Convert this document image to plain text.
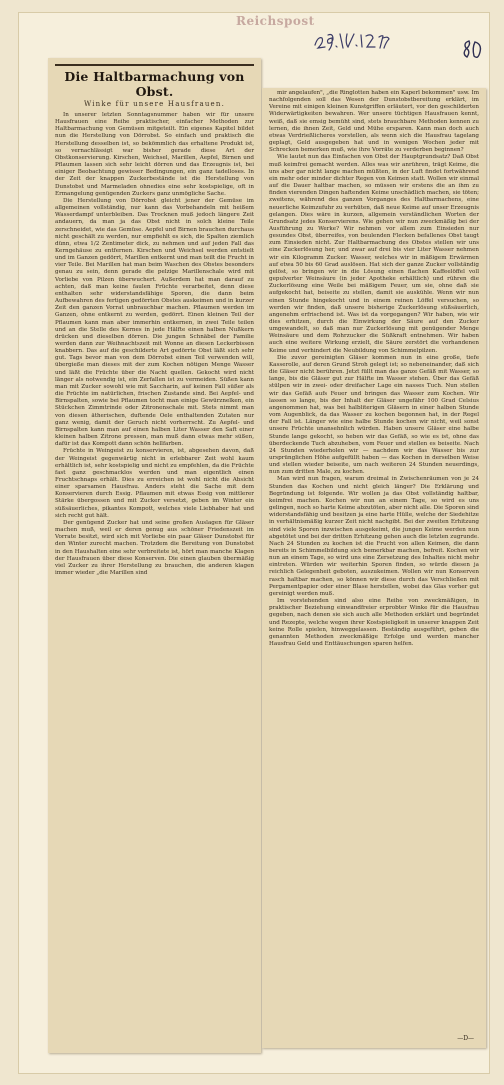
Reichspost
Die Haltbarmachung von Obst.
Winke für unsere Hausfrauen.

In unserer letzten Sonntagsnummer haben wir für unsere Hausfrauen eine Reihe praktischer, einfacher Methoden zur Haltbarmachung von Gemüsen mitgeteilt. Ein eigenes Kapitel bildet nun die Herstellung von Dörrobst. So einfach und praktisch die Herstellung desselben ist, so bekömmlich das erhaltene Produkt ist, so vernachlässigt war bisher gerade diese Art der Obstkonservierung. Kirschen, Weichsel, Marillen, Aepfel, Birnen und Pflaumen lassen sich sehr leicht dörren und das Erzeugnis ist, bei einiger Beobachtung gewisser Bedingungen, ein ganz tadelloses. In der Zeit der knappen Zuckerbestände ist die Herstellung von Dunstobst und Marmeladen ohnedies eine sehr kostspielige, oft in Ermangelung genügenden Zuckers ganz unmögliche Sache.

Die Herstellung von Dörrobst gleicht jener der Gemüse im allgemeinen vollständig, nur kann das Vorbehandeln mit heißem Wasserdampf unterbleiben. Das Trocknen muß jedoch längere Zeit andauern, da man ja das Obst nicht in solch kleine Teile zerschneidet, wie das Gemüse. Aepfel und Birnen brauchen durchaus nicht geschält zu werden, nur empfiehlt es sich, die Spalten ziemlich dünn, etwa 1/2 Zentimeter dick, zu nehmen und auf jeden Fall das Kerngehäuse zu entfernen. Kirschen und Weichsel werden entstielt und im Ganzen gedörrt, Marillen entkernt und man teilt die Frucht in vier Teile. Bei Marillen hat man beim Waschen des Obstes besonders genau zu sein, denn gerade die pelzige Marillenschale wird mit Vorliebe von Pilzen überwuchert. Außerdem hat man darauf zu achten, daß man keine faulen Früchte verarbeitet, denn diese enthalten sehr widerstandsfähige Sporen, die dann beim Aufbewahren des fertigen gedörrten Obstes auskeimen und in kurzer Zeit den ganzen Vorrat unbrauchbar machen. Pflaumen werden im Ganzen, ohne entkernt zu werden, gedörrt. Einen kleinen Teil der Pflaumen kann man aber immerhin entkernen, in zwei Teile teilen und an die Stelle des Kernes in jede Hälfte einen halben Nußkern drücken und dieselben dörren. Die jungen Schnäbel der Familie werden dann zur Weihnachtszeit mit Wonne an diesen Leckerbissen knabbern. Das auf die geschilderte Art gedörrte Obst läßt sich sehr gut. Tags bevor man von dem Dörrobst einen Teil verwenden will, übergieße man dieses mit der zum Kochen nötigen Menge Wasser und läßt die Früchte über die Nacht quellen. Gekocht wird nicht länger als notwendig ist, ein Zerfallen ist zu vermeiden. Süßen kann man mit Zucker sowohl wie mit Saccharin, auf keinen Fall süßer als die Früchte im natürlichen, frischen Zustande sind. Bei Aepfel- und Birnspalten, sowie bei Pflaumen tocht man einige Gewürznelken, ein Stückchen Zimmtrinde oder Zitronenschale mit. Stets nimmt man von diesen ätherischen, duftende Oele enthaltenden Zutaten nur ganz wenig, damit der Geruch nicht vorherrscht. Zu Aepfel- und Birnspalten kann man auf einen halben Liter Wasser den Saft einer kleinen halben Zitrone pressen, man muß dann etwas mehr süßen, dafür ist das Kompott dann schön hellfarben.

Früchte in Weingeist zu konservieren, ist, abgesehen davon, daß der Weingeist gegenwärtig nicht in erlebbarer Zeit wohl kaum erhältlich ist, sehr kostspielig und nicht zu empfehlen, da die Früchte fast ganz geschmacklos werden und man eigentlich einen Fruchtschnaps erhält. Dies zu erreichen ist wohl nicht die Absicht einer sparsamen Hausfrau. Anders steht die Sache mit dem Konservieren durch Essig. Pflaumen mit etwas Essig von mittlerer Stärke übergossen und mit Zucker versetzt, geben im Winter ein süßsäuerliches, pikantes Kompott, welches viele Liebhaber hat und sich recht gut hält.

Der genügend Zucker hat und seine großen Auslagen für Gläser machen muß, weil er deren genug aus schöner Friedenszeit im Vorrate besitzt, wird sich mit Vorliebe ein paar Gläser Dunstobst für den Winter zurecht machen. Trotzdem die Bereitung von Dunstobst in den Haushalten eine sehr verbreitete ist, hört man manche Klagen der Hausfrauen über diese Konserven. Die einen glauben übermäßig viel Zucker zu ihrer Herstellung zu brauchen, die anderen klagen immer wieder „die Marillen sind

mir angelaufen", „die Ringlotten haben ein Kaperl bekommen" usw. Im nachfolgenden soll das Wesen der Dunstobstbereitung erklärt, im Vereine mit einigen kleinen Kunstgriffen erläutert, vor den geschilderten Widerwärtigkeiten bewahren. Wer unsere tüchtigen Hausfrauen kennt, weiß, daß sie emsig bemüht sind, stets brauchbare Methoden kennen zu lernen, die ihnen Zeit, Geld und Mühe ersparen. Kann man doch auch etwas Verdrießlicheres vorstellen, als wenn sich die Hausfrau tagelang geplagt, Geld ausgegeben hat und in wenigen Wochen jeder mit Schrecken bemerken muß, wie ihre Vorräte zu verderben beginnen?

Wie lautet nun das Einfachen von Obst der Hauptgrundsatz? Daß Obst muß keimfrei gemacht werden. Alles was wir anrühren, trägt Keime, die uns aber gar nicht lange machen müßten, in der Luft findet fortwährend ein mehr oder minder dichter Regen von Keimen statt. Wollen wir einmal auf die Dauer haltbar machen, so müssen wir erstens die an ihm zu finden vierenden Dingen haftenden Keime unschädlich machen, sie töten; zweitens, während des ganzen Vorganges des Haltbarmachens, eine neuerliche Keimzufuhr zu verhüten, daß neue Keime auf unser Erzeugnis gelangen. Dies wäre in kurzen, allgemein verständlichen Worten der Grundsatz jedes Konservierens. Wie gehen wir nun zweckmäßig bei der Ausführung zu Werke? Wir nehmen vor allem zum Einsieden nur gesundes Obst, überreifes, von beulenden Flecken befallenes Obst taugt zum Einsieden nicht. Zur Haltbarmachung des Obstes stellen wir uns eine Zuckerlösung her, und zwar auf drei bis vier Liter Wasser nehmen wir ein Kilogramm Zucker. Wasser, welches wir in mäßigem Erwärmen auf etwa 50 bis 60 Grad auslösen. Hat sich der ganze Zucker vollständig gelöst, so bringen wir in die Lösung einen flachen Kaffeelöffel voll gepulverter Weinsäure (in jeder Apotheke erhältlich) und rühren die Zuckerlösung eine Weile bei mäßigem Feuer, um sie, ohne daß sie aufgekocht hat, beiseite zu stellen, damit sie auskühle. Wenn wir nun einen Stunde hingekocht und in einem reinen Löffel versuchen, so werden wir finden, daß unsere bisherige Zuckerlösung süßsäuerlich, angenehm erfrischend ist. Was ist da vorgegangen? Wir haben, wie wir dies erhitzen, durch die Einwirkung der Säure auf den Zucker umgewandelt, so daß man nur Zuckerlösung mit genügender Menge Weinsäure und dem Rohrzucker die Süßkraft entnehmen. Wir haben auch eine weitere Wirkung erzielt, die Säure zerstört die vorhandenen Keime und verhindert die Neubildung von Schimmelpilzen.

Die zuvor gereinigten Gläser kommen nun in eine große, tiefe Kasserolle, auf deren Grund Stroh gelegt ist; so nebeneinander, daß sich die Gläser nicht berühren. Jetzt füllt man das ganze Gefäß mit Wasser, so lange, bis die Gläser gut zur Hälfte im Wasser stehen. Über das Gefäß stülpen wir in zwei- oder dreifacher Lage ein nasses Tuch. Nun stellen wir das Gefäß aufs Feuer und bringen das Wasser zum Kochen. Wir lassen so lange, bis der Inhalt der Gläser ungefähr 100 Grad Celsius angenommen hat, was bei halbliterigen Gläsern in einer halben Stunde vom Augenblick, da das Wasser zu kochen begonnen hat, in der Regel der Fall ist. Länger wie eine halbe Stunde kochen wir nicht, weil sonst unsere Früchte unansehnlich würden. Haben unsere Gläser eine halbe Stunde lange gekocht, so heben wir das Gefäß, so wie es ist, ohne das überdeckende Tuch abzuheben, vom Feuer und stellen es beiseite. Nach 24 Stunden wiederholen wir — nachdem wir das Wasser bis zur ursprünglichen Höhe aufgefüllt haben — das Kochen in derselben Weise und stellen wieder beiseite, um nach weiteren 24 Stunden neuerdings, nun zum dritten Male, zu kochen.

Man wird nun fragen, warum dreimal in Zwischenräumen von je 24 Stunden das Kochen und nicht gleich länger? Die Erklärung und Begründung ist folgende. Wir wollen ja das Obst vollständig haltbar, keimfrei machen. Kochen wir nun an einem Tage, so wird es uns gelingen, noch so harte Keime abzutöten, aber nicht alle. Die Sporen sind widerstandsfähig und besitzen ja eine harte Hülle, welche der Siedehitze in verhältnismäßig kurzer Zeit nicht nachgibt. Bei der zweiten Erhitzung sind viele Sporen inzwischen ausgekeimt, die jungen Keime werden nun abgetötet und bei der dritten Erhitzung gehen auch die letzten zugrunde. Nach 24 Stunden zu kochen ist die Frucht von allen Keimen, die dann bereits in Schimmelbildung sich bemerkbar machen, befreit. Kochen wir nun an einem Tage, so wird uns eine Zersetzung des Inhaltes nicht mehr eintreten. Würden wir weiterhin Sporen finden, so würde diesen ja reichlich Gelegenheit geboten, auszukeimen. Wollen wir nun Konserven rasch haltbar machen, so können wir diese durch das Verschließen mit Pergamentpapier oder einer Blase herstellen, wobei das Glas vorher gut gereinigt werden muß.

Im vorstehenden sind also eine Reihe von zweckmäßigen, in praktischer Beziehung einwandfreier erprobter Winke für die Hausfrau gegeben, nach denen sie sich auch alle Methoden erklärt und begründet und Rezepte, welche wegen ihrer Kostspieligkeit in unserer knappen Zeit keine Rolle spielen, hinweggelassen. Beständig ausgeführt, geben die genannten Methoden zweckmäßige Erfolge und werden mancher Hausfrau Geld und Enttäuschungen sparen helfen.

—D—
